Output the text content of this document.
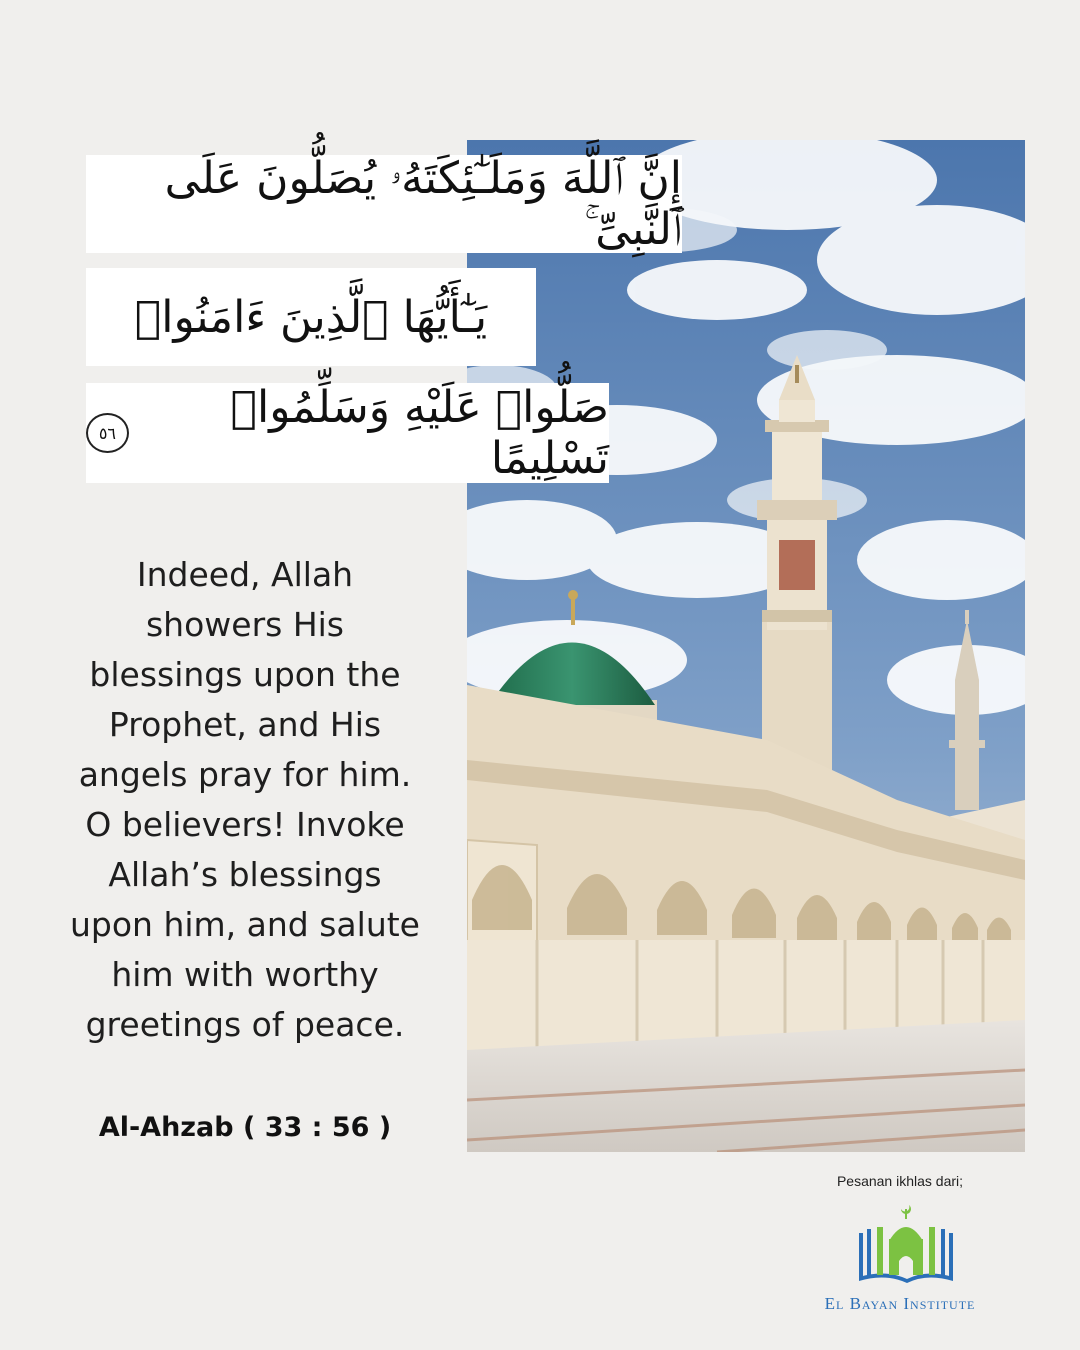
إِنَّ ٱللَّهَ وَمَلَـٰٓئِكَتَهُۥ يُصَلُّونَ عَلَى ٱلنَّبِىِّ ۚ
يَـٰٓأَيُّهَا ٱلَّذِينَ ءَامَنُوا۟
صَلُّوا۟ عَلَيْهِ وَسَلِّمُوا۟ تَسْلِيمًا
٥٦
Indeed, Allah
showers His
blessings upon the
Prophet, and His
angels pray for him.
O believers! Invoke
Allah’s blessings
upon him, and salute
him with worthy
greetings of peace.
Al-Ahzab ( 33 : 56 )
Pesanan ikhlas dari;
El Bayan Institute
